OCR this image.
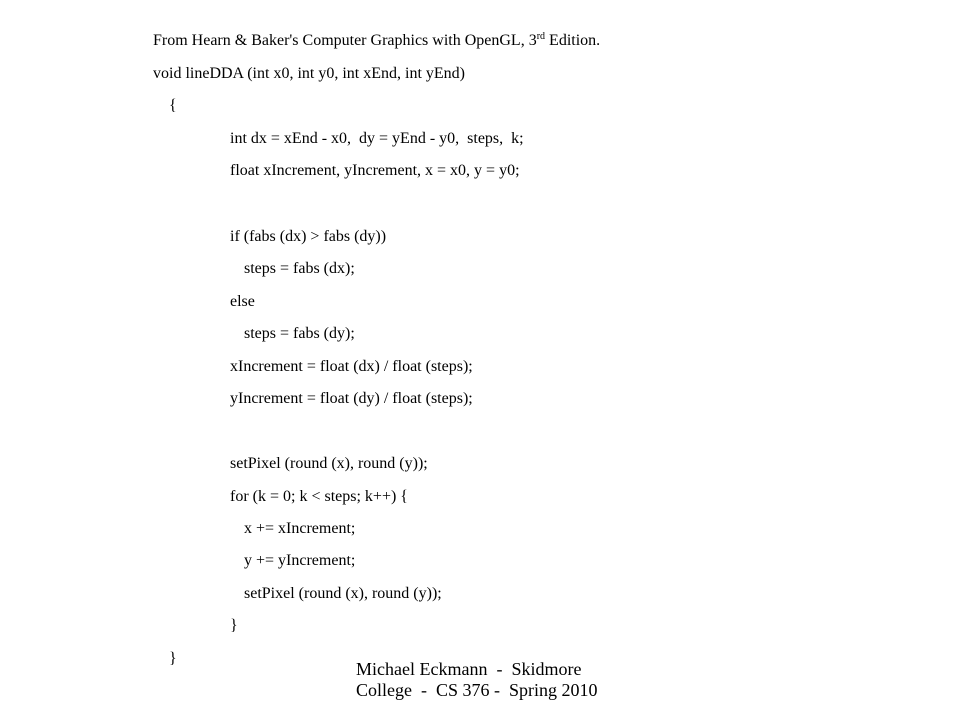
From Hearn & Baker's Computer Graphics with OpenGL, 3rd Edition.
void lineDDA (int x0, int y0, int xEnd, int yEnd)
{
int dx = xEnd - x0,  dy = yEnd - y0,  steps,  k;
float xIncrement, yIncrement, x = x0, y = y0;
if (fabs (dx) > fabs (dy))
steps = fabs (dx);
else
steps = fabs (dy);
xIncrement = float (dx) / float (steps);
yIncrement = float (dy) / float (steps);
setPixel (round (x), round (y));
for (k = 0; k < steps; k++) {
x += xIncrement;
y += yIncrement;
setPixel (round (x), round (y));
}
}
Michael Eckmann  -  Skidmore
College  -  CS 376 -  Spring 2010
